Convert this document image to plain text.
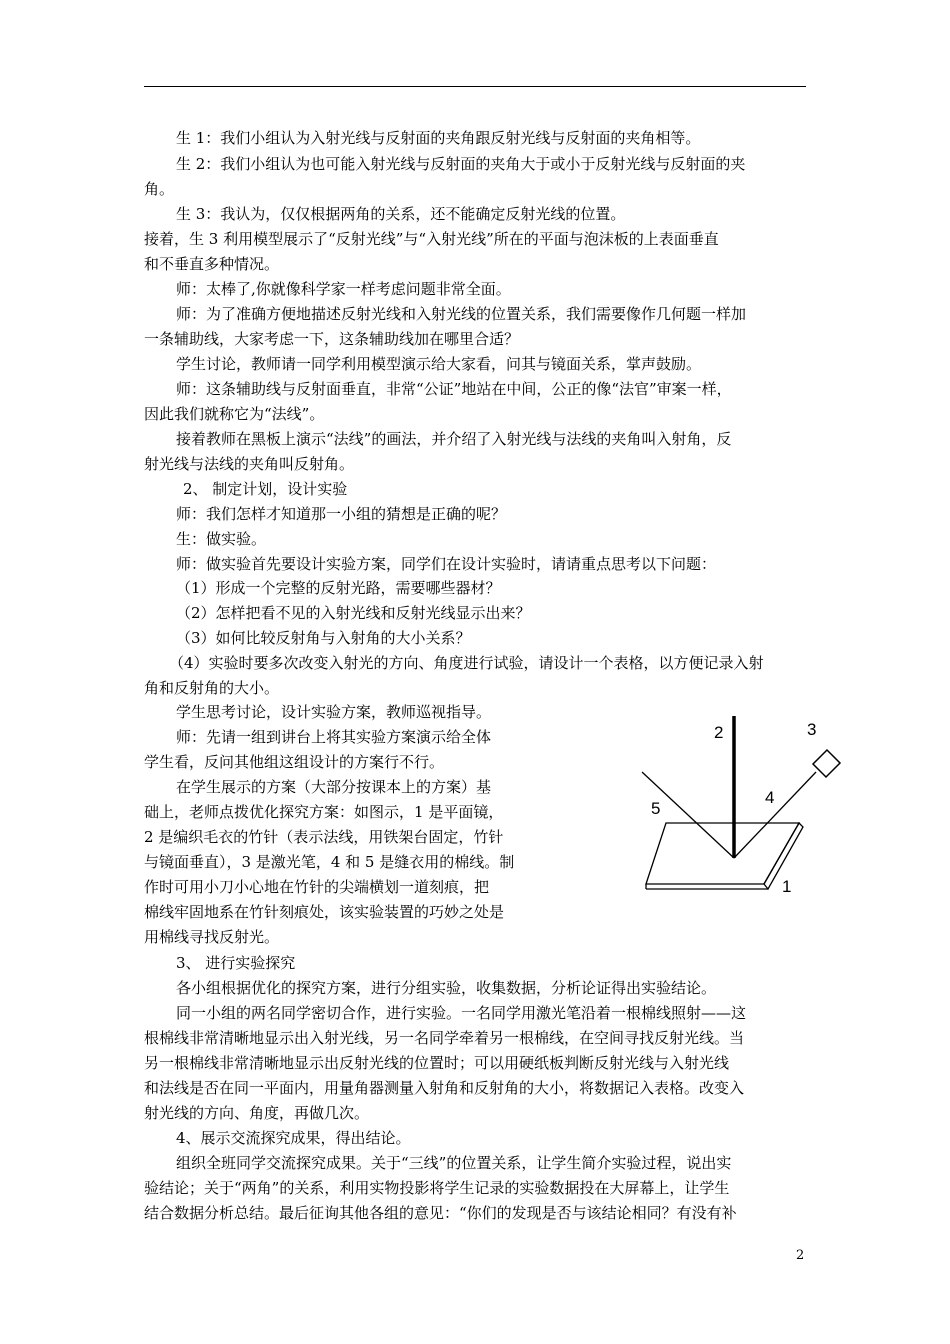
生 1：我们小组认为入射光线与反射面的夹角跟反射光线与反射面的夹角相等。
生 2：我们小组认为也可能入射光线与反射面的夹角大于或小于反射光线与反射面的夹
角。
生 3：我认为，仅仅根据两角的关系，还不能确定反射光线的位置。
接着，生 3 利用模型展示了“反射光线”与“入射光线”所在的平面与泡沫板的上表面垂直
和不垂直多种情况。
师：太棒了,你就像科学家一样考虑问题非常全面。
师：为了准确方便地描述反射光线和入射光线的位置关系，我们需要像作几何题一样加
一条辅助线，大家考虑一下，这条辅助线加在哪里合适？
学生讨论，教师请一同学利用模型演示给大家看，问其与镜面关系，掌声鼓励。
师：这条辅助线与反射面垂直，非常“公证”地站在中间，公正的像“法官”审案一样，
因此我们就称它为“法线”。
接着教师在黑板上演示“法线”的画法，并介绍了入射光线与法线的夹角叫入射角，反
射光线与法线的夹角叫反射角。
2、 制定计划，设计实验
师：我们怎样才知道那一小组的猜想是正确的呢？
生：做实验。
师：做实验首先要设计实验方案，同学们在设计实验时，请请重点思考以下问题：
（1）形成一个完整的反射光路，需要哪些器材？
（2）怎样把看不见的入射光线和反射光线显示出来？
（3）如何比较反射角与入射角的大小关系？
（4）实验时要多次改变入射光的方向、角度进行试验，请设计一个表格，以方便记录入射
角和反射角的大小。
学生思考讨论，设计实验方案，教师巡视指导。
师：先请一组到讲台上将其实验方案演示给全体
学生看，反问其他组这组设计的方案行不行。
在学生展示的方案（大部分按课本上的方案）基
础上，老师点拨优化探究方案：如图示，1 是平面镜，
2 是编织毛衣的竹针（表示法线，用铁架台固定，竹针
与镜面垂直），3 是激光笔，4 和 5 是缝衣用的棉线。制
作时可用小刀小心地在竹针的尖端横划一道刻痕，把
棉线牢固地系在竹针刻痕处，该实验装置的巧妙之处是
用棉线寻找反射光。
3、 进行实验探究
各小组根据优化的探究方案，进行分组实验，收集数据，分析论证得出实验结论。
同一小组的两名同学密切合作，进行实验。一名同学用激光笔沿着一根棉线照射——这
根棉线非常清晰地显示出入射光线，另一名同学牵着另一根棉线，在空间寻找反射光线。当
另一根棉线非常清晰地显示出反射光线的位置时；可以用硬纸板判断反射光线与入射光线
和法线是否在同一平面内，用量角器测量入射角和反射角的大小，将数据记入表格。改变入
射光线的方向、角度，再做几次。
4、展示交流探究成果，得出结论。
组织全班同学交流探究成果。关于“三线”的位置关系，让学生简介实验过程，说出实
验结论；关于“两角”的关系，利用实物投影将学生记录的实验数据投在大屏幕上，让学生
结合数据分析总结。最后征询其他各组的意见：“你们的发现是否与该结论相同？有没有补
2	3
4
5
1
2
